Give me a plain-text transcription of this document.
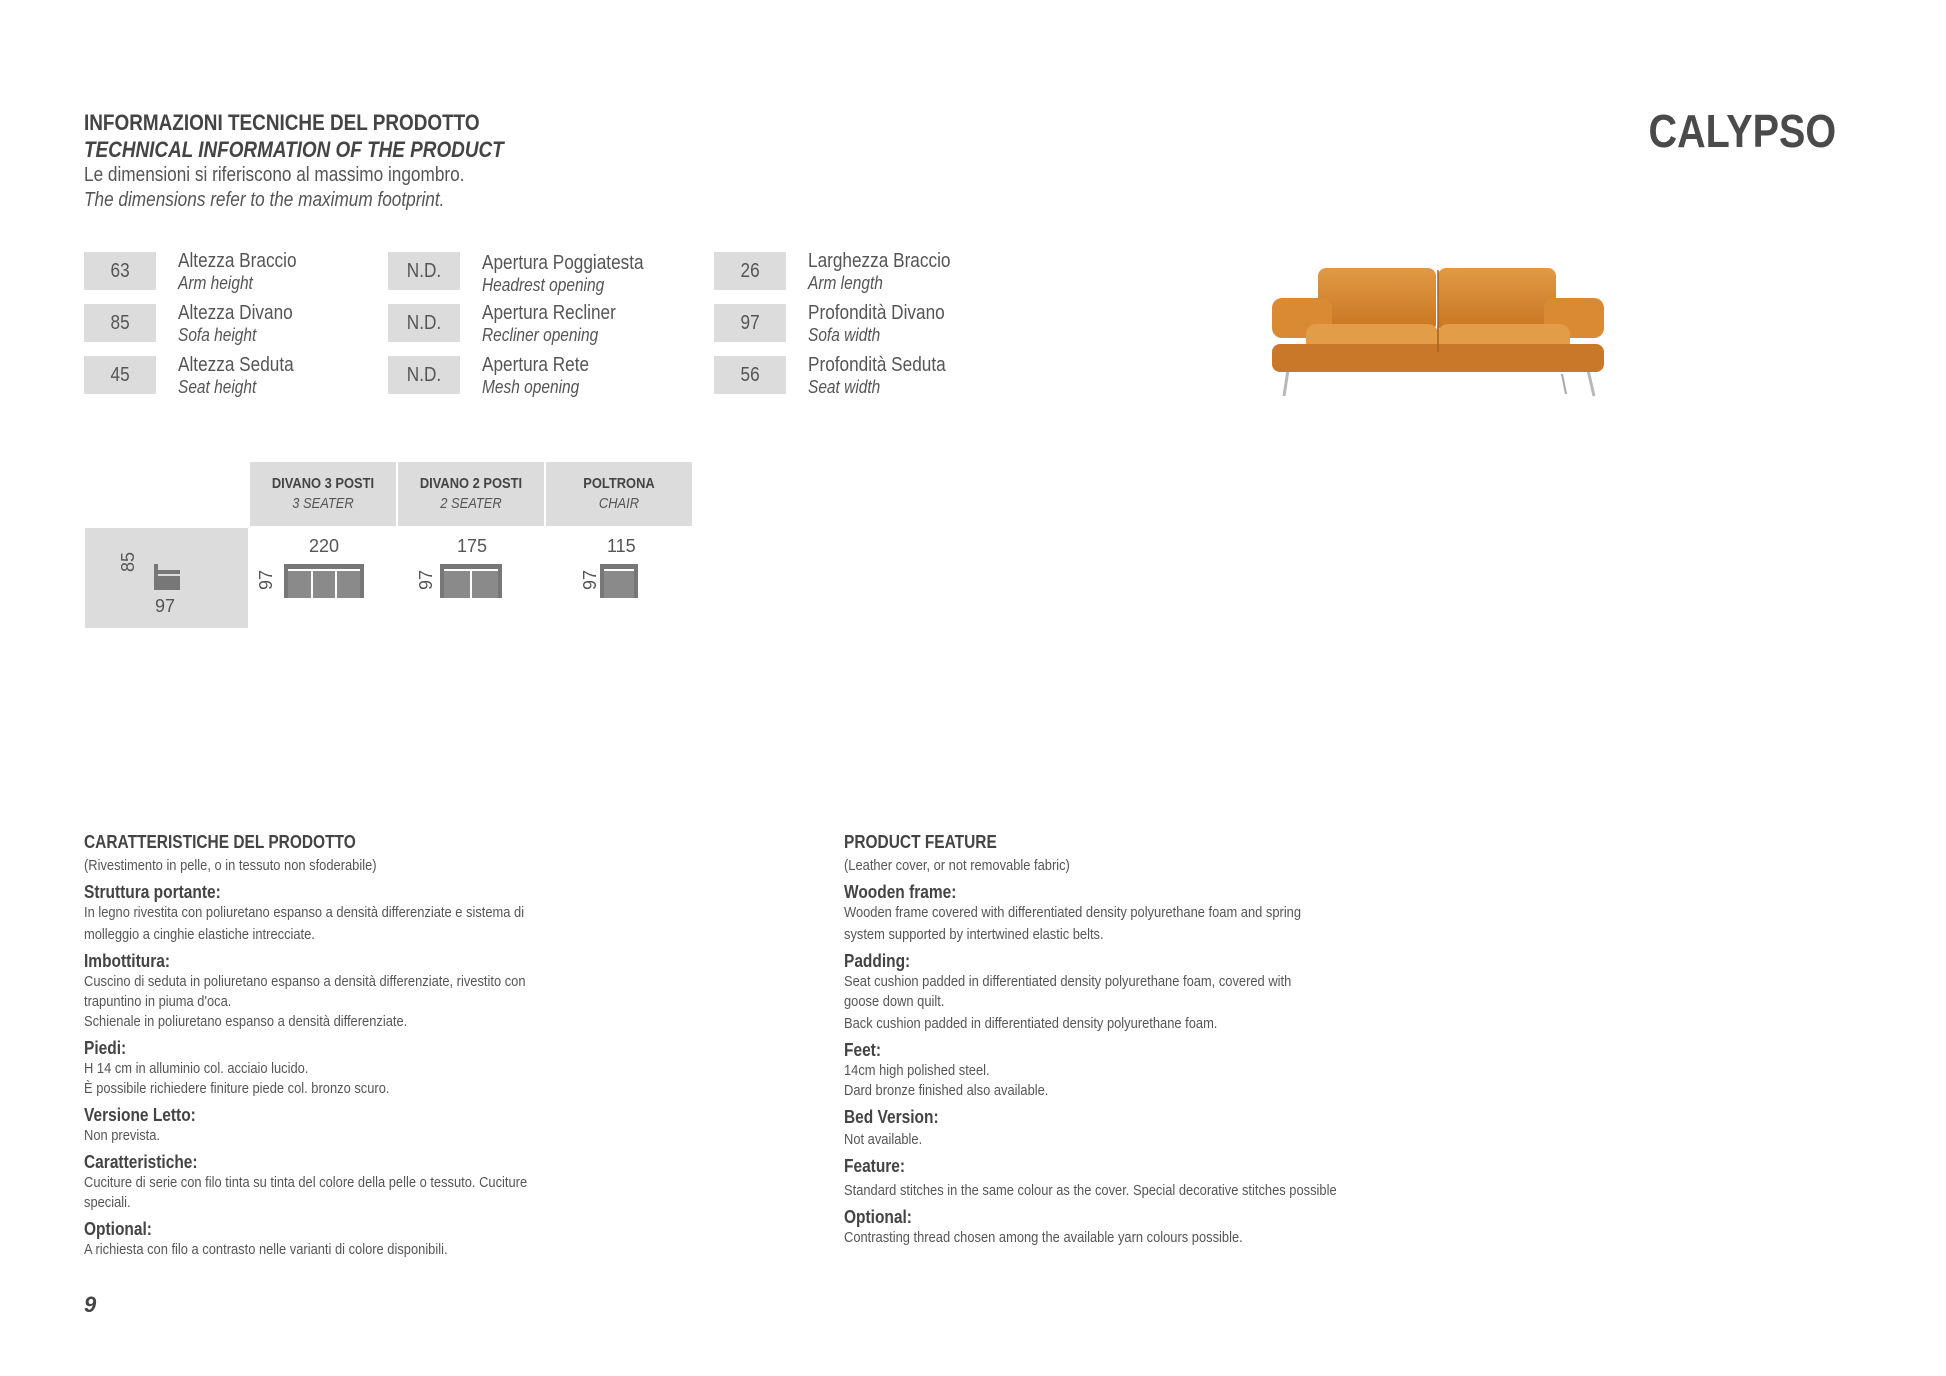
INFORMAZIONI TECNICHE DEL PRODOTTO
TECHNICAL INFORMATION OF THE PRODUCT
Le dimensioni si riferiscono al massimo ingombro.
The dimensions refer to the maximum footprint.
CALYPSO
63 Altezza Braccio
Arm height
85 Altezza Divano
Sofa height
45 Altezza Seduta
Seat height
N.D. Apertura Poggiatesta
Headrest opening
N.D. Apertura Recliner
Recliner opening
N.D. Apertura Rete
Mesh opening
26 Larghezza Braccio
Arm length
97 Profondità Divano
Sofa width
56 Profondità Seduta
Seat width
DIVANO 3 POSTI
3 SEATER
DIVANO 2 POSTI
2 SEATER
POLTRONA
CHAIR
85
97
220
97
175
97
115
97
CARATTERISTICHE DEL PRODOTTO
(Rivestimento in pelle, o in tessuto non sfoderabile)
Struttura portante:
In legno rivestita con poliuretano espanso a densità differenziate e sistema di
molleggio a cinghie elastiche intrecciate.
Imbottitura:
Cuscino di seduta in poliuretano espanso a densità differenziate, rivestito con
trapuntino in piuma d'oca.
Schienale in poliuretano espanso a densità differenziate.
Piedi:
H 14 cm in alluminio col. acciaio lucido.
È possibile richiedere finiture piede col. bronzo scuro.
Versione Letto:
Non prevista.
Caratteristiche:
Cuciture di serie con filo tinta su tinta del colore della pelle o tessuto. Cuciture
speciali.
Optional:
A richiesta con filo a contrasto nelle varianti di colore disponibili.
PRODUCT FEATURE
(Leather cover, or not removable fabric)
Wooden frame:
Wooden frame covered with differentiated density polyurethane foam and spring
system supported by intertwined elastic belts.
Padding:
Seat cushion padded in differentiated density polyurethane foam, covered with
goose down quilt.
Back cushion padded in differentiated density polyurethane foam.
Feet:
14cm high polished steel.
Dard bronze finished also available.
Bed Version:
Not available.
Feature:
Standard stitches in the same colour as the cover. Special decorative stitches possible
Optional:
Contrasting thread chosen among the available yarn colours possible.
9
